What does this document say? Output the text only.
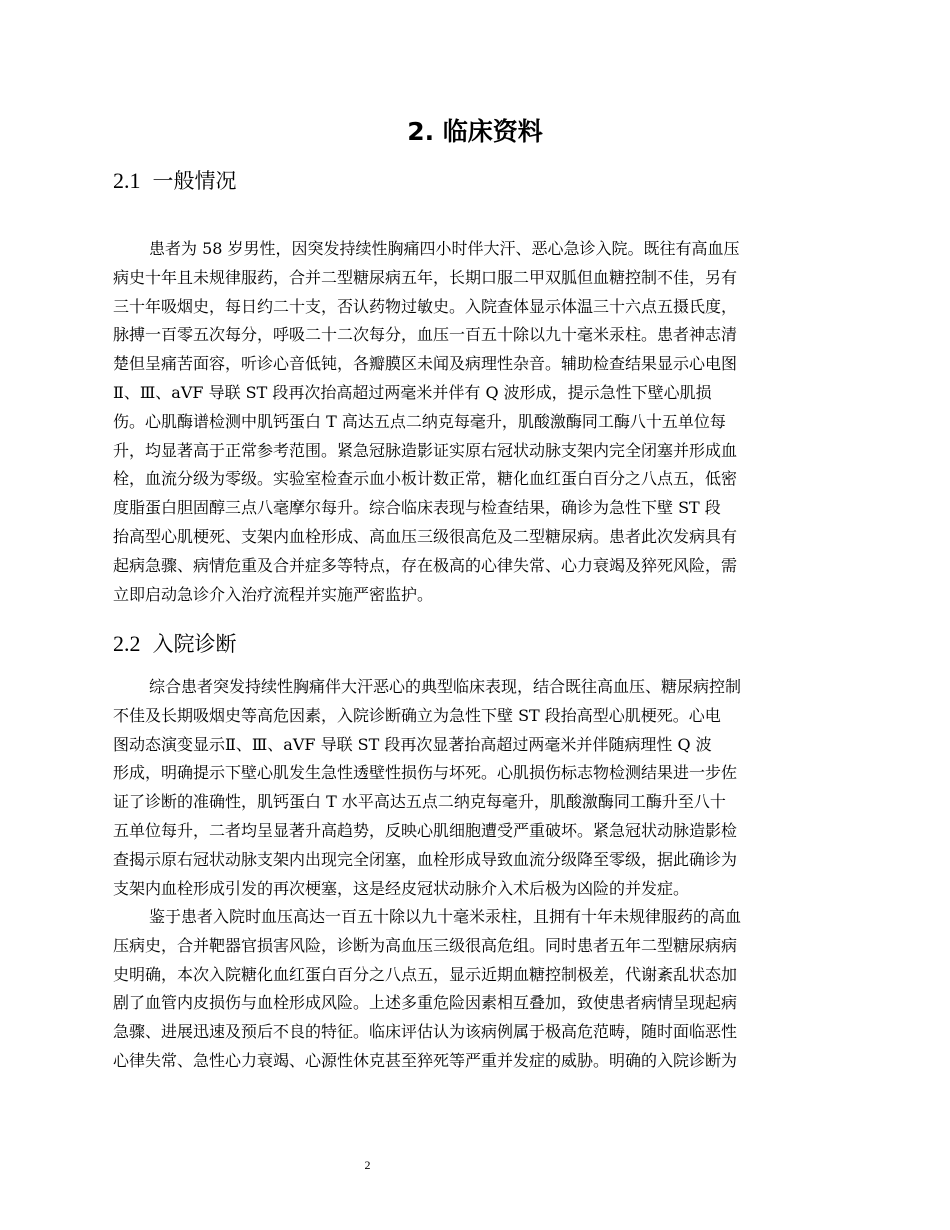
2. 临床资料
2.1 一般情况
患者为 58 岁男性，因突发持续性胸痛四小时伴大汗、恶心急诊入院。既往有高血压
病史十年且未规律服药，合并二型糖尿病五年，长期口服二甲双胍但血糖控制不佳，另有
三十年吸烟史，每日约二十支，否认药物过敏史。入院查体显示体温三十六点五摄氏度，
脉搏一百零五次每分，呼吸二十二次每分，血压一百五十除以九十毫米汞柱。患者神志清
楚但呈痛苦面容，听诊心音低钝，各瓣膜区未闻及病理性杂音。辅助检查结果显示心电图
Ⅱ、Ⅲ、aVF 导联 ST 段再次抬高超过两毫米并伴有 Q 波形成，提示急性下壁心肌损
伤。心肌酶谱检测中肌钙蛋白 T 高达五点二纳克每毫升，肌酸激酶同工酶八十五单位每
升，均显著高于正常参考范围。紧急冠脉造影证实原右冠状动脉支架内完全闭塞并形成血
栓，血流分级为零级。实验室检查示血小板计数正常，糖化血红蛋白百分之八点五，低密
度脂蛋白胆固醇三点八毫摩尔每升。综合临床表现与检查结果，确诊为急性下壁 ST 段
抬高型心肌梗死、支架内血栓形成、高血压三级很高危及二型糖尿病。患者此次发病具有
起病急骤、病情危重及合并症多等特点，存在极高的心律失常、心力衰竭及猝死风险，需
立即启动急诊介入治疗流程并实施严密监护。
2.2 入院诊断
综合患者突发持续性胸痛伴大汗恶心的典型临床表现，结合既往高血压、糖尿病控制
不佳及长期吸烟史等高危因素，入院诊断确立为急性下壁 ST 段抬高型心肌梗死。心电
图动态演变显示Ⅱ、Ⅲ、aVF 导联 ST 段再次显著抬高超过两毫米并伴随病理性 Q 波
形成，明确提示下壁心肌发生急性透壁性损伤与坏死。心肌损伤标志物检测结果进一步佐
证了诊断的准确性，肌钙蛋白 T 水平高达五点二纳克每毫升，肌酸激酶同工酶升至八十
五单位每升，二者均呈显著升高趋势，反映心肌细胞遭受严重破坏。紧急冠状动脉造影检
查揭示原右冠状动脉支架内出现完全闭塞，血栓形成导致血流分级降至零级，据此确诊为
支架内血栓形成引发的再次梗塞，这是经皮冠状动脉介入术后极为凶险的并发症。
鉴于患者入院时血压高达一百五十除以九十毫米汞柱，且拥有十年未规律服药的高血
压病史，合并靶器官损害风险，诊断为高血压三级很高危组。同时患者五年二型糖尿病病
史明确，本次入院糖化血红蛋白百分之八点五，显示近期血糖控制极差，代谢紊乱状态加
剧了血管内皮损伤与血栓形成风险。上述多重危险因素相互叠加，致使患者病情呈现起病
急骤、进展迅速及预后不良的特征。临床评估认为该病例属于极高危范畴，随时面临恶性
心律失常、急性心力衰竭、心源性休克甚至猝死等严重并发症的威胁。明确的入院诊断为
2
